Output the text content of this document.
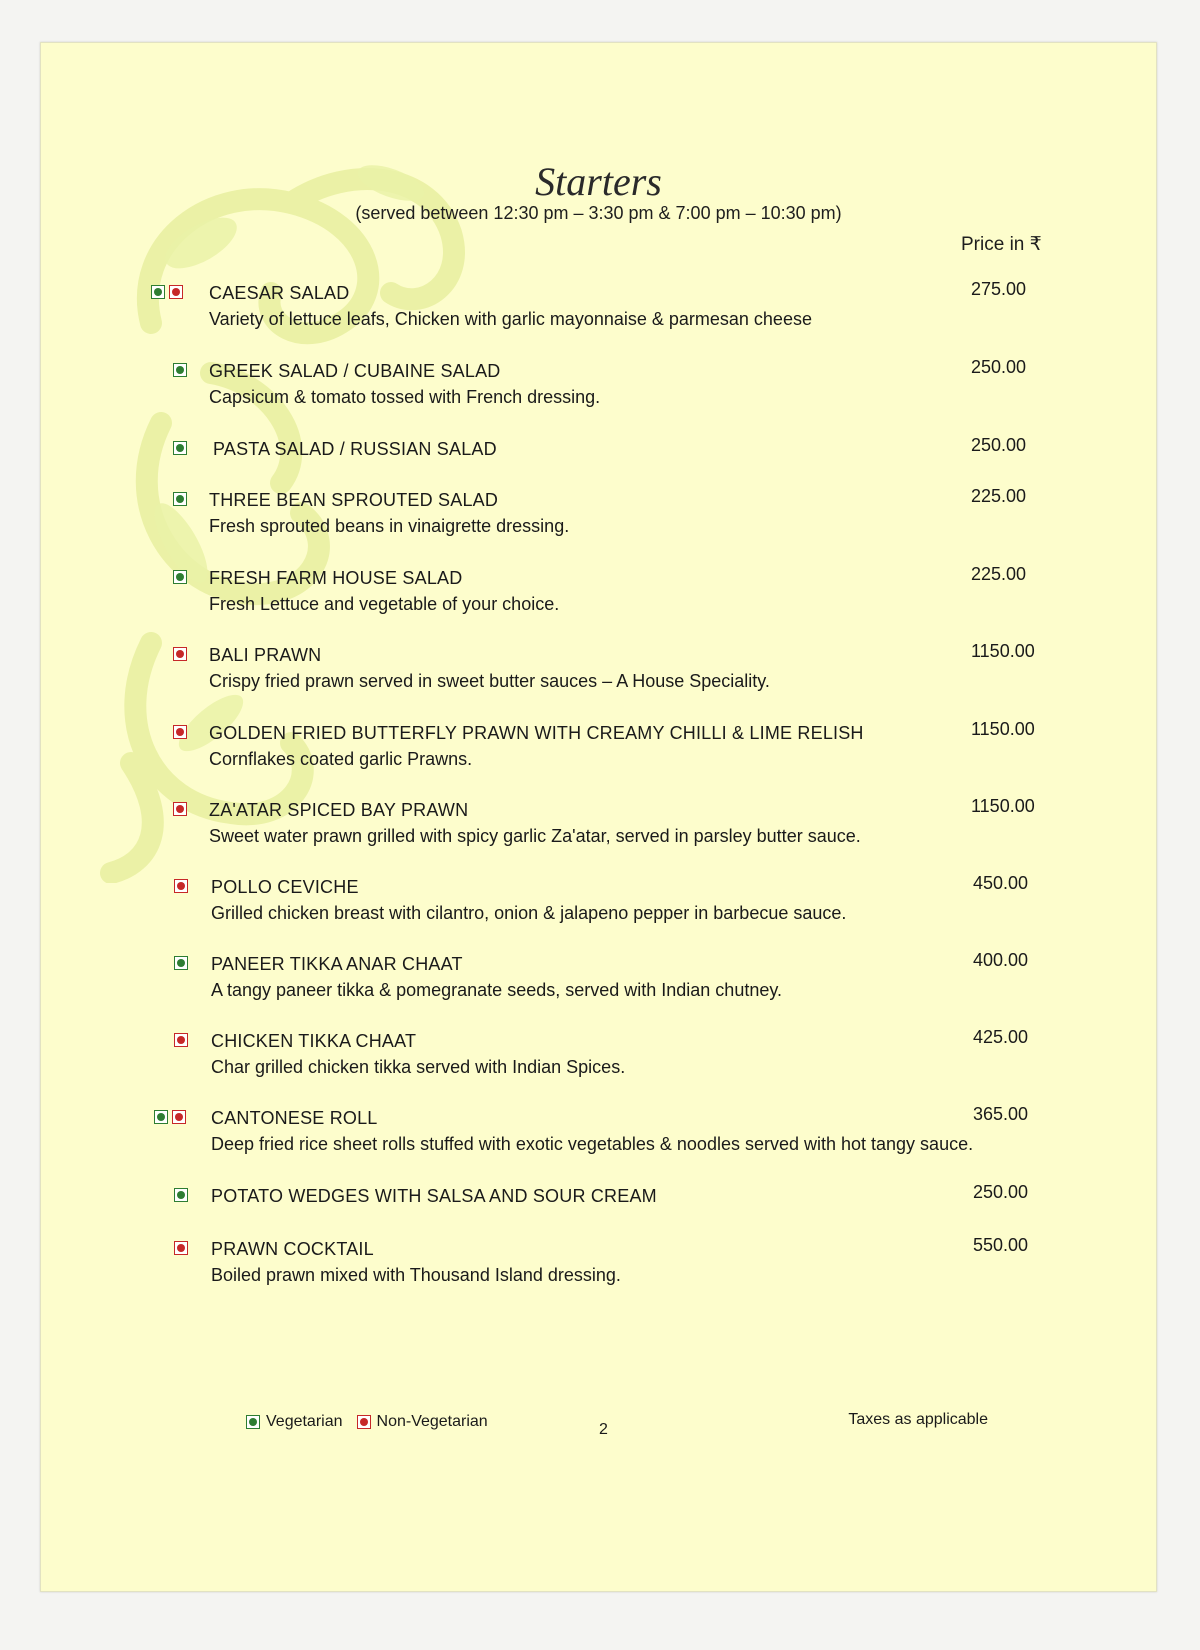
Starters
(served between 12:30 pm – 3:30 pm & 7:00 pm – 10:30 pm)
Price in ₹
CAESAR SALAD
Variety of lettuce leafs, Chicken with garlic mayonnaise & parmesan cheese
275.00
GREEK SALAD / CUBAINE SALAD
Capsicum & tomato tossed with French dressing.
250.00
PASTA SALAD / RUSSIAN SALAD	250.00
THREE BEAN SPROUTED SALAD
Fresh sprouted beans in vinaigrette dressing.
225.00
FRESH FARM HOUSE SALAD
Fresh Lettuce and vegetable of your choice.
225.00
BALI PRAWN
Crispy fried prawn served in sweet butter sauces – A House Speciality.
1150.00
GOLDEN FRIED BUTTERFLY PRAWN WITH CREAMY CHILLI & LIME RELISH
Cornflakes coated garlic Prawns.
1150.00
ZA'ATAR SPICED BAY PRAWN
Sweet water prawn grilled with spicy garlic Za'atar, served in parsley butter sauce.
1150.00
POLLO CEVICHE
Grilled chicken breast with cilantro, onion & jalapeno pepper in barbecue sauce.
450.00
PANEER TIKKA ANAR CHAAT
A tangy paneer tikka & pomegranate seeds, served with Indian chutney.
400.00
CHICKEN TIKKA CHAAT
Char grilled chicken tikka served with Indian Spices.
425.00
CANTONESE ROLL
Deep fried rice sheet rolls stuffed with exotic vegetables & noodles served with hot tangy sauce.
365.00
POTATO WEDGES WITH SALSA AND SOUR CREAM	250.00
PRAWN COCKTAIL
Boiled prawn mixed with Thousand Island dressing.
550.00
Vegetarian Non-Vegetarian	2
Taxes as applicable
